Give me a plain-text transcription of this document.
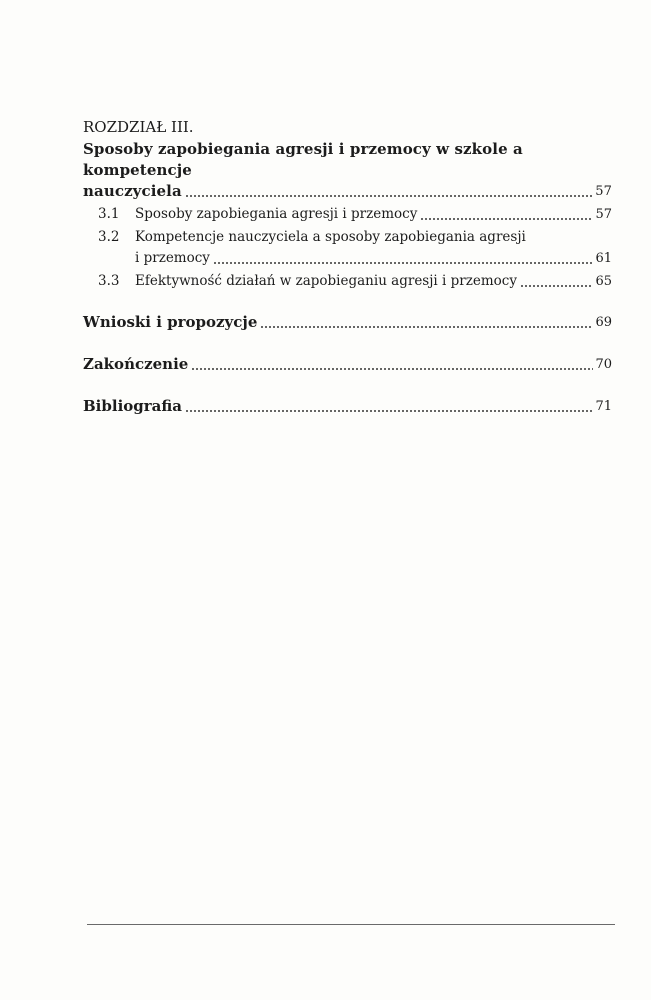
ROZDZIAŁ III.
Sposoby zapobiegania agresji i przemocy w szkole a kompetencje
nauczyciela	57
3.1 Sposoby zapobiegania agresji i przemocy	57
3.2 Kompetencje nauczyciela a sposoby zapobiegania agresji
i przemocy	61
3.3 Efektywność działań w zapobieganiu agresji i przemocy	65
Wnioski i propozycje	69
Zakończenie	70
Bibliografia	71
